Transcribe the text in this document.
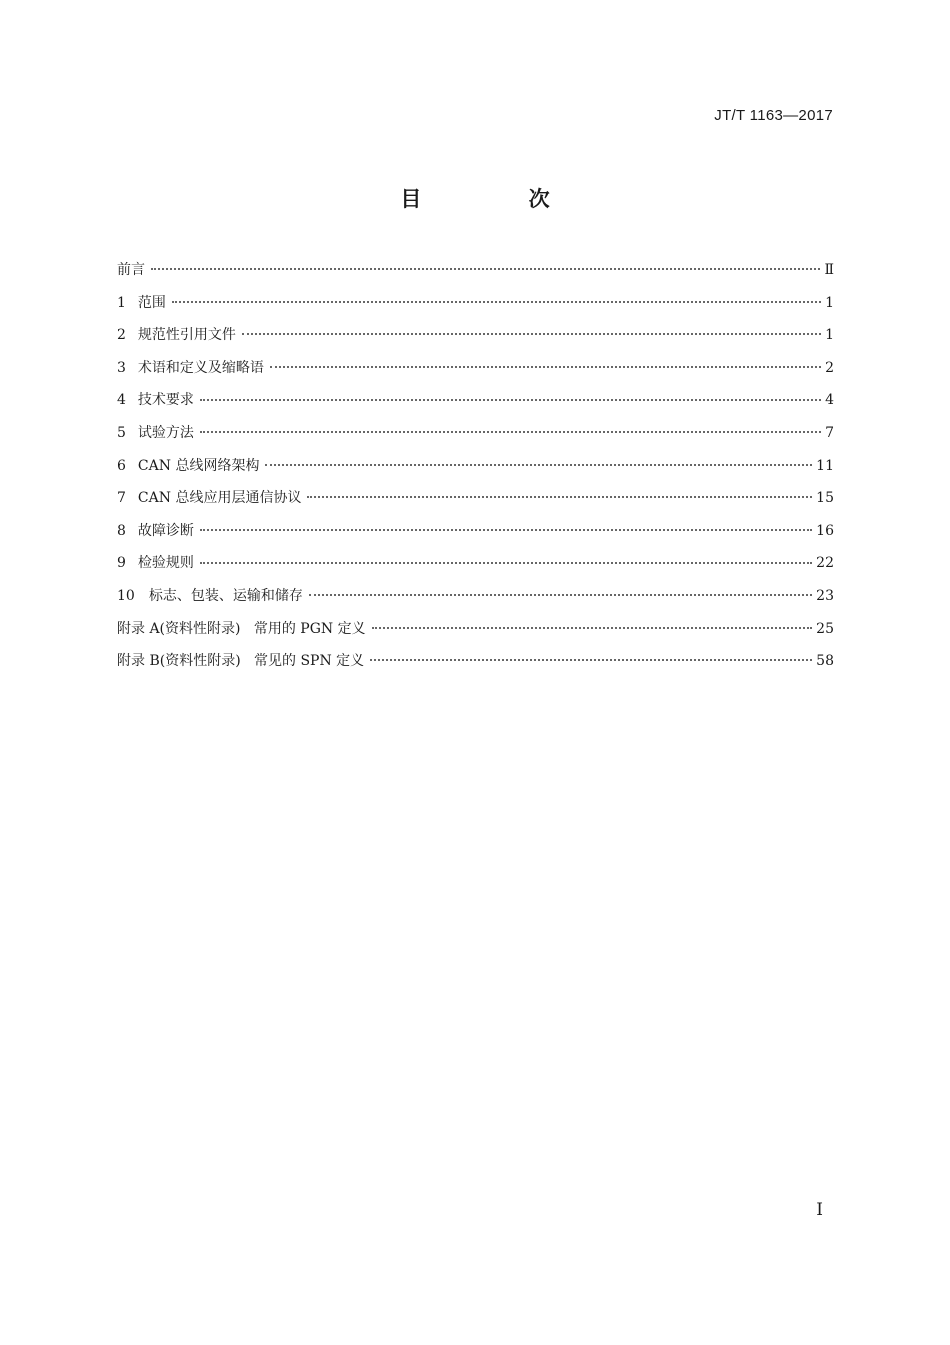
JT/T 1163—2017
目 次
前言	Ⅱ
1 范围	1
2 规范性引用文件	1
3 术语和定义及缩略语	2
4 技术要求	4
5 试验方法	7
6 CAN 总线网络架构	11
7 CAN 总线应用层通信协议	15
8 故障诊断	16
9 检验规则	22
10 标志、包装、运输和储存	23
附录 A(资料性附录)   常用的 PGN 定义	25
附录 B(资料性附录)   常见的 SPN 定义	58
I
